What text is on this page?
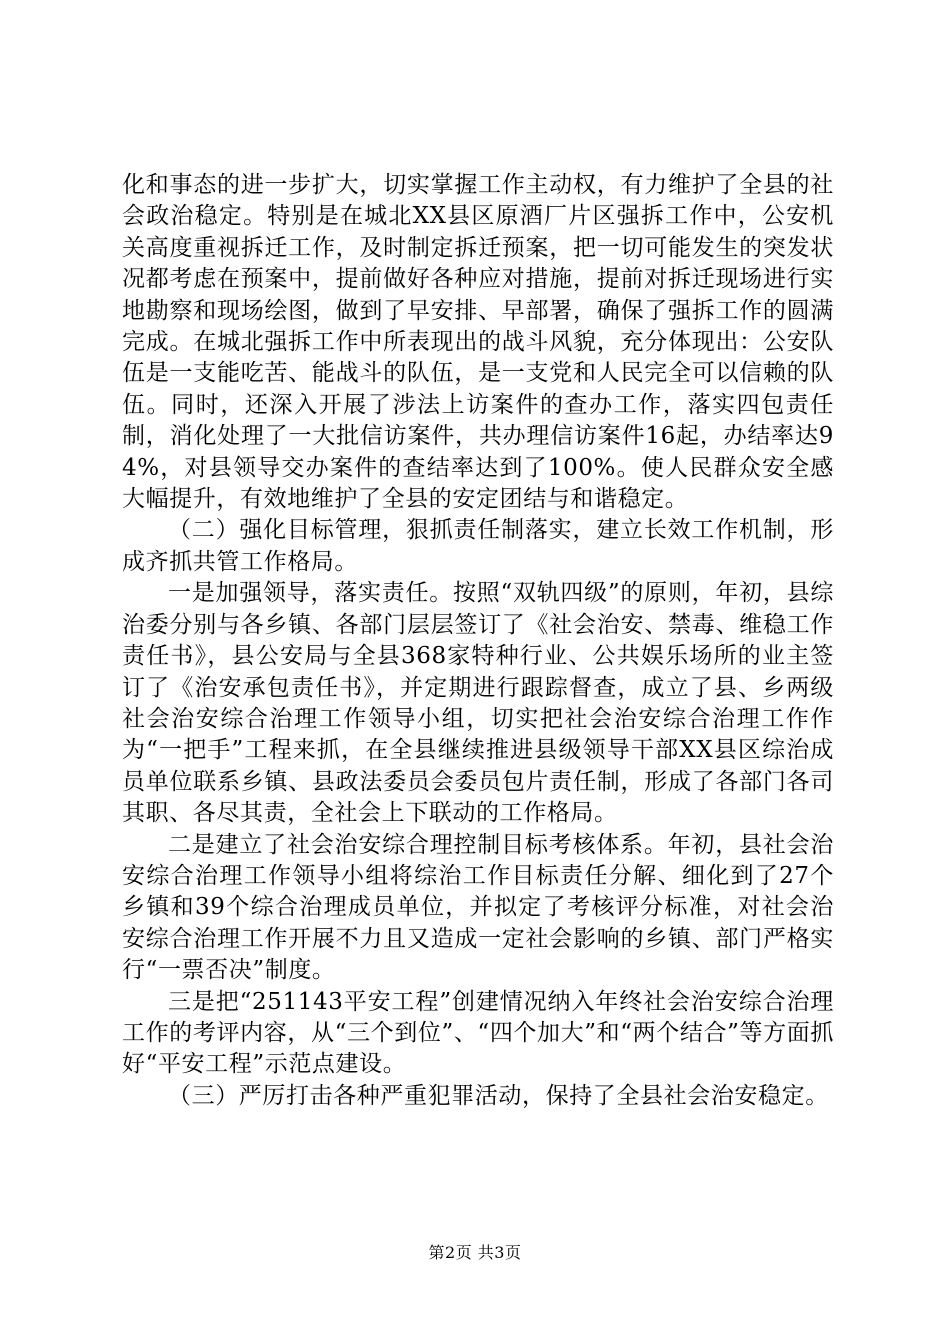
化和事态的进一步扩大，切实掌握工作主动权，有力维护了全县的社会政治稳定。特别是在城北XX县区原酒厂片区强拆工作中，公安机关高度重视拆迁工作，及时制定拆迁预案，把一切可能发生的突发状况都考虑在预案中，提前做好各种应对措施，提前对拆迁现场进行实地勘察和现场绘图，做到了早安排、早部署，确保了强拆工作的圆满完成。在城北强拆工作中所表现出的战斗风貌，充分体现出：公安队伍是一支能吃苦、能战斗的队伍，是一支党和人民完全可以信赖的队伍。同时，还深入开展了涉法上访案件的查办工作，落实四包责任制，消化处理了一大批信访案件，共办理信访案件16起，办结率达94%，对县领导交办案件的查结率达到了100%。使人民群众安全感大幅提升，有效地维护了全县的安定团结与和谐稳定。

（二）强化目标管理，狠抓责任制落实，建立长效工作机制，形成齐抓共管工作格局。

一是加强领导，落实责任。按照“双轨四级”的原则，年初，县综治委分别与各乡镇、各部门层层签订了《社会治安、禁毒、维稳工作责任书》，县公安局与全县368家特种行业、公共娱乐场所的业主签订了《治安承包责任书》，并定期进行跟踪督查，成立了县、乡两级社会治安综合治理工作领导小组，切实把社会治安综合治理工作作为“一把手”工程来抓，在全县继续推进县级领导干部XX县区综治成员单位联系乡镇、县政法委员会委员包片责任制，形成了各部门各司其职、各尽其责，全社会上下联动的工作格局。

二是建立了社会治安综合理控制目标考核体系。年初，县社会治安综合治理工作领导小组将综治工作目标责任分解、细化到了27个乡镇和39个综合治理成员单位，并拟定了考核评分标准，对社会治安综合治理工作开展不力且又造成一定社会影响的乡镇、部门严格实行“一票否决”制度。

三是把“251143平安工程”创建情况纳入年终社会治安综合治理工作的考评内容，从“三个到位”、“四个加大”和“两个结合”等方面抓好“平安工程”示范点建设。

（三）严厉打击各种严重犯罪活动，保持了全县社会治安稳定。

第2页 共3页
